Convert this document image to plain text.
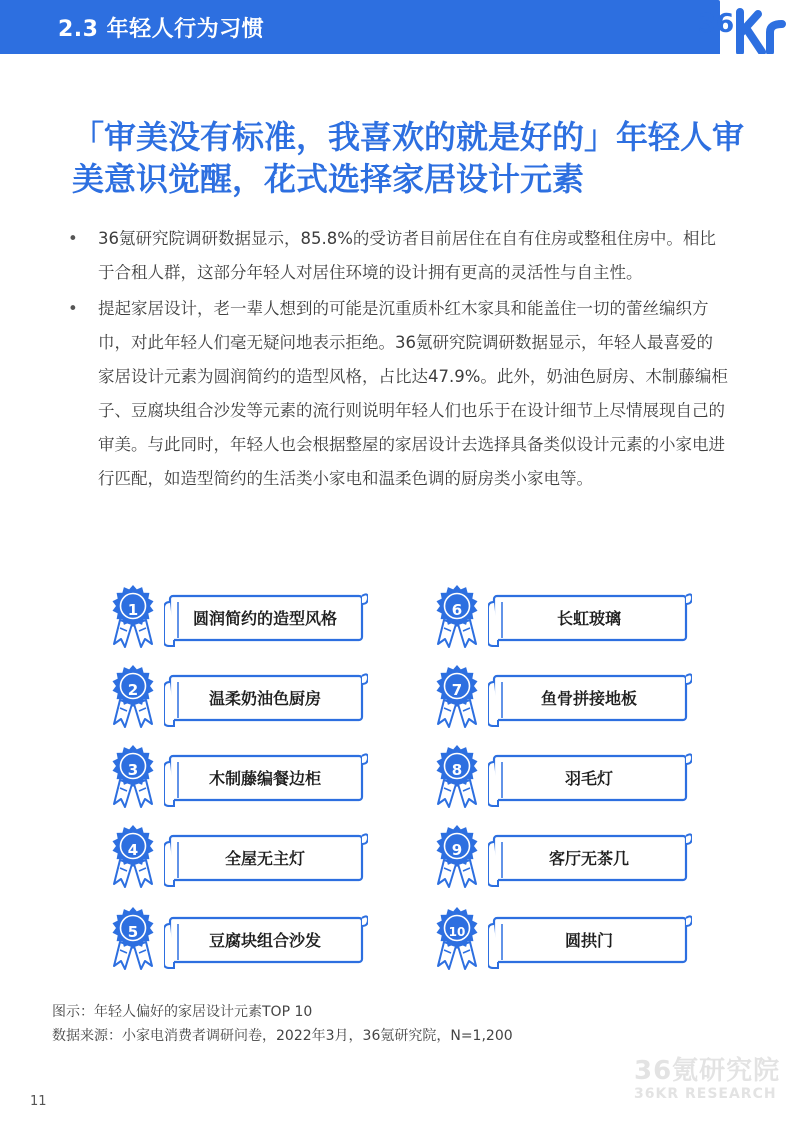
2.3 年轻人行为习惯	36
「审美没有标准，我喜欢的就是好的」年轻人审美意识觉醒，花式选择家居设计元素
• 36氪研究院调研数据显示，85.8%的受访者目前居住在自有住房或整租住房中。相比于合租人群，这部分年轻人对居住环境的设计拥有更高的灵活性与自主性。
• 提起家居设计，老一辈人想到的可能是沉重质朴红木家具和能盖住一切的蕾丝编织方巾，对此年轻人们毫无疑问地表示拒绝。36氪研究院调研数据显示，年轻人最喜爱的家居设计元素为圆润简约的造型风格，占比达47.9%。此外，奶油色厨房、木制藤编柜子、豆腐块组合沙发等元素的流行则说明年轻人们也乐于在设计细节上尽情展现自己的审美。与此同时，年轻人也会根据整屋的家居设计去选择具备类似设计元素的小家电进行匹配，如造型简约的生活类小家电和温柔色调的厨房类小家电等。
1	圆润简约的造型风格
2	温柔奶油色厨房
3	木制藤编餐边柜
4	全屋无主灯
5	豆腐块组合沙发
6	长虹玻璃
7	鱼骨拼接地板
8	羽毛灯
9	客厅无茶几
10	圆拱门
图示：年轻人偏好的家居设计元素TOP 10
数据来源：小家电消费者调研问卷，2022年3月，36氪研究院，N=1,200
36氪研究院
36KR RESEARCH
11
